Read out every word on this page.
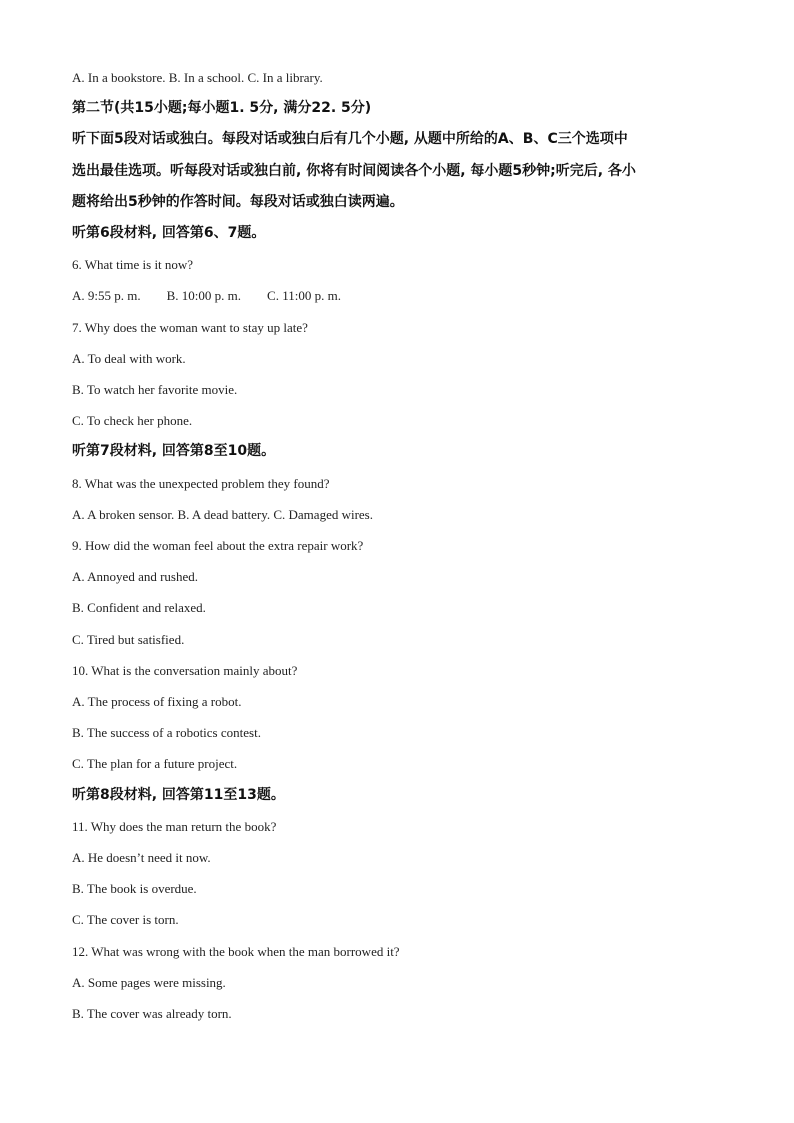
A. In a bookstore. B. In a school. C. In a library.
第二节(共15小题;每小题1. 5分, 满分22. 5分)
听下面5段对话或独白。每段对话或独白后有几个小题, 从题中所给的A、B、C三个选项中
选出最佳选项。听每段对话或独白前, 你将有时间阅读各个小题, 每小题5秒钟;听完后, 各小
题将给出5秒钟的作答时间。每段对话或独白读两遍。
听第6段材料, 回答第6、7题。
6. What time is it now?
A. 9:55 p. m. B. 10:00 p. m. C. 11:00 p. m.
7. Why does the woman want to stay up late?
A. To deal with work.
B. To watch her favorite movie.
C. To check her phone.
听第7段材料, 回答第8至10题。
8. What was the unexpected problem they found?
A. A broken sensor. B. A dead battery. C. Damaged wires.
9. How did the woman feel about the extra repair work?
A. Annoyed and rushed.
B. Confident and relaxed.
C. Tired but satisfied.
10. What is the conversation mainly about?
A. The process of fixing a robot.
B. The success of a robotics contest.
C. The plan for a future project.
听第8段材料, 回答第11至13题。
11. Why does the man return the book?
A. He doesn’t need it now.
B. The book is overdue.
C. The cover is torn.
12. What was wrong with the book when the man borrowed it?
A. Some pages were missing.
B. The cover was already torn.
